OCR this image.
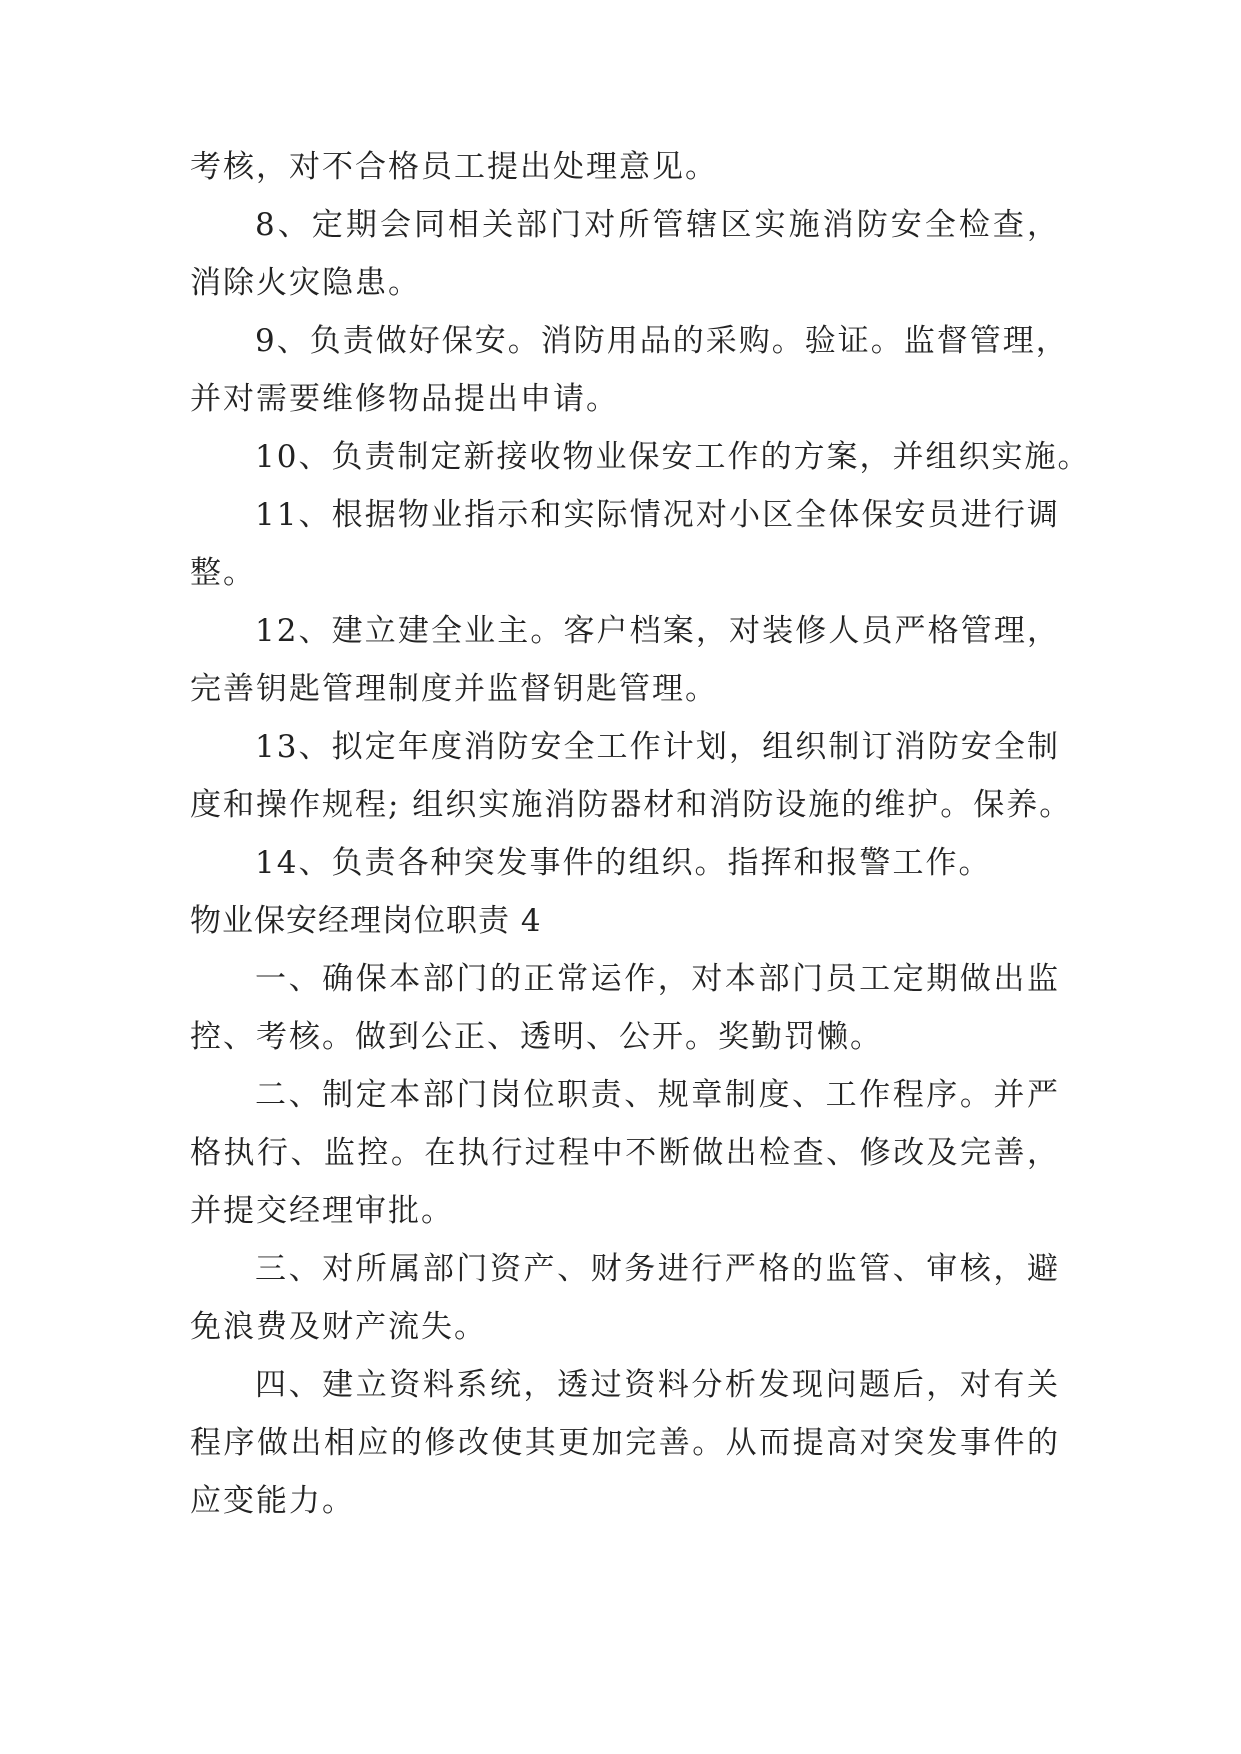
考核，对不合格员工提出处理意见。
8、定期会同相关部门对所管辖区实施消防安全检查，
消除火灾隐患。
9、负责做好保安。消防用品的采购。验证。监督管理，
并对需要维修物品提出申请。
10、负责制定新接收物业保安工作的方案，并组织实施。
11、根据物业指示和实际情况对小区全体保安员进行调
整。
12、建立建全业主。客户档案，对装修人员严格管理，
完善钥匙管理制度并监督钥匙管理。
13、拟定年度消防安全工作计划，组织制订消防安全制
度和操作规程; 组织实施消防器材和消防设施的维护。保养。
14、负责各种突发事件的组织。指挥和报警工作。
物业保安经理岗位职责 4
一、确保本部门的正常运作，对本部门员工定期做出监
控、考核。做到公正、透明、公开。奖勤罚懒。
二、制定本部门岗位职责、规章制度、工作程序。并严
格执行、监控。在执行过程中不断做出检查、修改及完善，
并提交经理审批。
三、对所属部门资产、财务进行严格的监管、审核，避
免浪费及财产流失。
四、建立资料系统，透过资料分析发现问题后，对有关
程序做出相应的修改使其更加完善。从而提高对突发事件的
应变能力。
